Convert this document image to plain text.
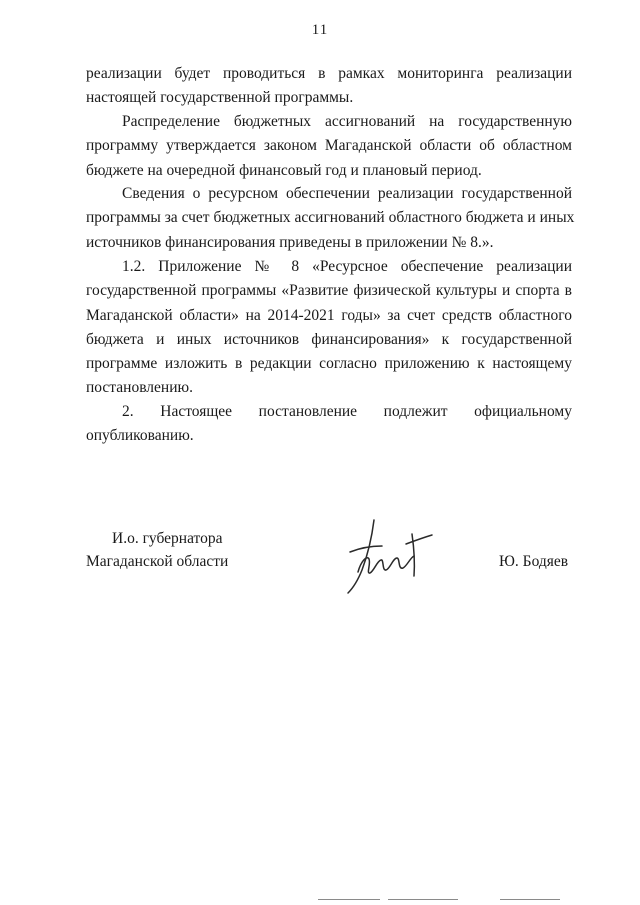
11
реализации будет проводиться в рамках мониторинга реализации
настоящей государственной программы.
Распределение бюджетных ассигнований на государственную
программу утверждается законом Магаданской области об областном
бюджете на очередной финансовый год и плановый период.
Сведения о ресурсном обеспечении реализации государственной
программы за счет бюджетных ассигнований областного бюджета и иных
источников финансирования приведены в приложении № 8.».
1.2. Приложение № 8 «Ресурсное обеспечение реализации
государственной программы «Развитие физической культуры и спорта в
Магаданской области» на 2014-2021 годы» за счет средств областного
бюджета и иных источников финансирования» к государственной
программе изложить в редакции согласно приложению к настоящему
постановлению.
2. Настоящее постановление подлежит официальному
опубликованию.
И.о. губернатора
Магаданской области	Ю. Бодяев
